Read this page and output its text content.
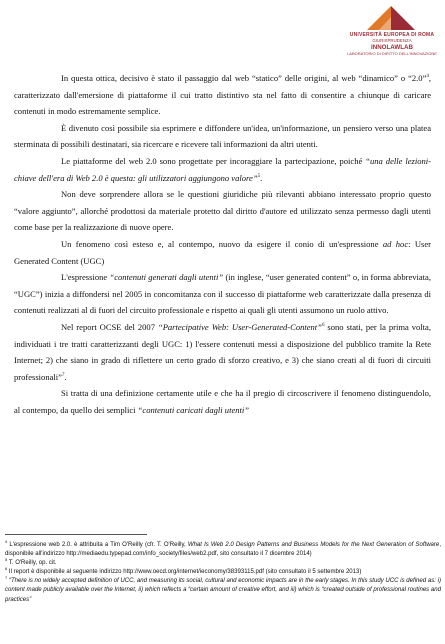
UNIVERSITÀ EUROPEA DI ROMA
GIURISPRUDENZA
INNOLAWLAB
LABORATORIO DI DIRITTO DELL'INNOVAZIONE

In questa ottica, decisivo è stato il passaggio dal web “statico” delle origini, al web “dinamico” o “2.0”$^4$, caratterizzato dall'emersione di piattaforme il cui tratto distintivo sta nel fatto di consentire a chiunque di caricare contenuti in modo estremamente semplice.

È divenuto così possibile sia esprimere e diffondere un'idea, un'informazione, un pensiero verso una platea sterminata di possibili destinatari, sia ricercare e ricevere tali informazioni da altri utenti.

Le piattaforme del web 2.0 sono progettate per incoraggiare la partecipazione, poiché “una delle lezioni-chiave dell'era di Web 2.0 è questa: gli utilizzatori aggiungono valore”$^5$.

Non deve sorprendere allora se le questioni giuridiche più rilevanti abbiano interessato proprio questo “valore aggiunto”, allorché prodottosi da materiale protetto dal diritto d'autore ed utilizzato senza permesso dagli utenti come base per la realizzazione di nuove opere.

Un fenomeno così esteso e, al contempo, nuovo da esigere il conio di un'espressione ad hoc: User Generated Content (UGC)

L'espressione “contenuti generati dagli utenti” (in inglese, “user generated content” o, in forma abbreviata, “UGC”) inizia a diffondersi nel 2005 in concomitanza con il successo di piattaforme web caratterizzate dalla presenza di contenuti realizzati al di fuori del circuito professionale e rispetto ai quali gli utenti assumono un ruolo attivo.

Nel report OCSE del 2007 “Partecipative Web: User-Generated-Content”$^6$ sono stati, per la prima volta, individuati i tre tratti caratterizzanti degli UGC: 1) l'essere contenuti messi a disposizione del pubblico tramite la Rete Internet; 2) che siano in grado di riflettere un certo grado di sforzo creativo, e 3) che siano creati al di fuori di circuiti professionali”$^7$.

Si tratta di una definizione certamente utile e che ha il pregio di circoscrivere il fenomeno distinguendolo, al contempo, da quello dei semplici “contenuti caricati dagli utenti”

$^4$ L'espressione web 2.0. è attribuita a Tim O'Reilly (cfr. T. O'Reilly, What Is Web 2.0 Design Patterns and Business Models for the Next Generation of Software, disponibile all'indirizzo http://mediaedu.typepad.com/info_society/files/web2.pdf, sito consultato il 7 dicembre 2014)

$^5$ T. O'Reilly, op. cit.

$^6$ Il report è disponibile al seguente indirizzo http://www.oecd.org/internet/ieconomy/38393115.pdf (sito consultato il 5 settembre 2013)

$^7$ “There is no widely accepted definition of UCC, and measuring its social, cultural and economic impacts are in the early stages. In this study UCC is defined as: i) content made publicly available over the Internet, ii) which reflects a “certain amount of creative effort, and iii) which is “created outside of professional routines and practices”
